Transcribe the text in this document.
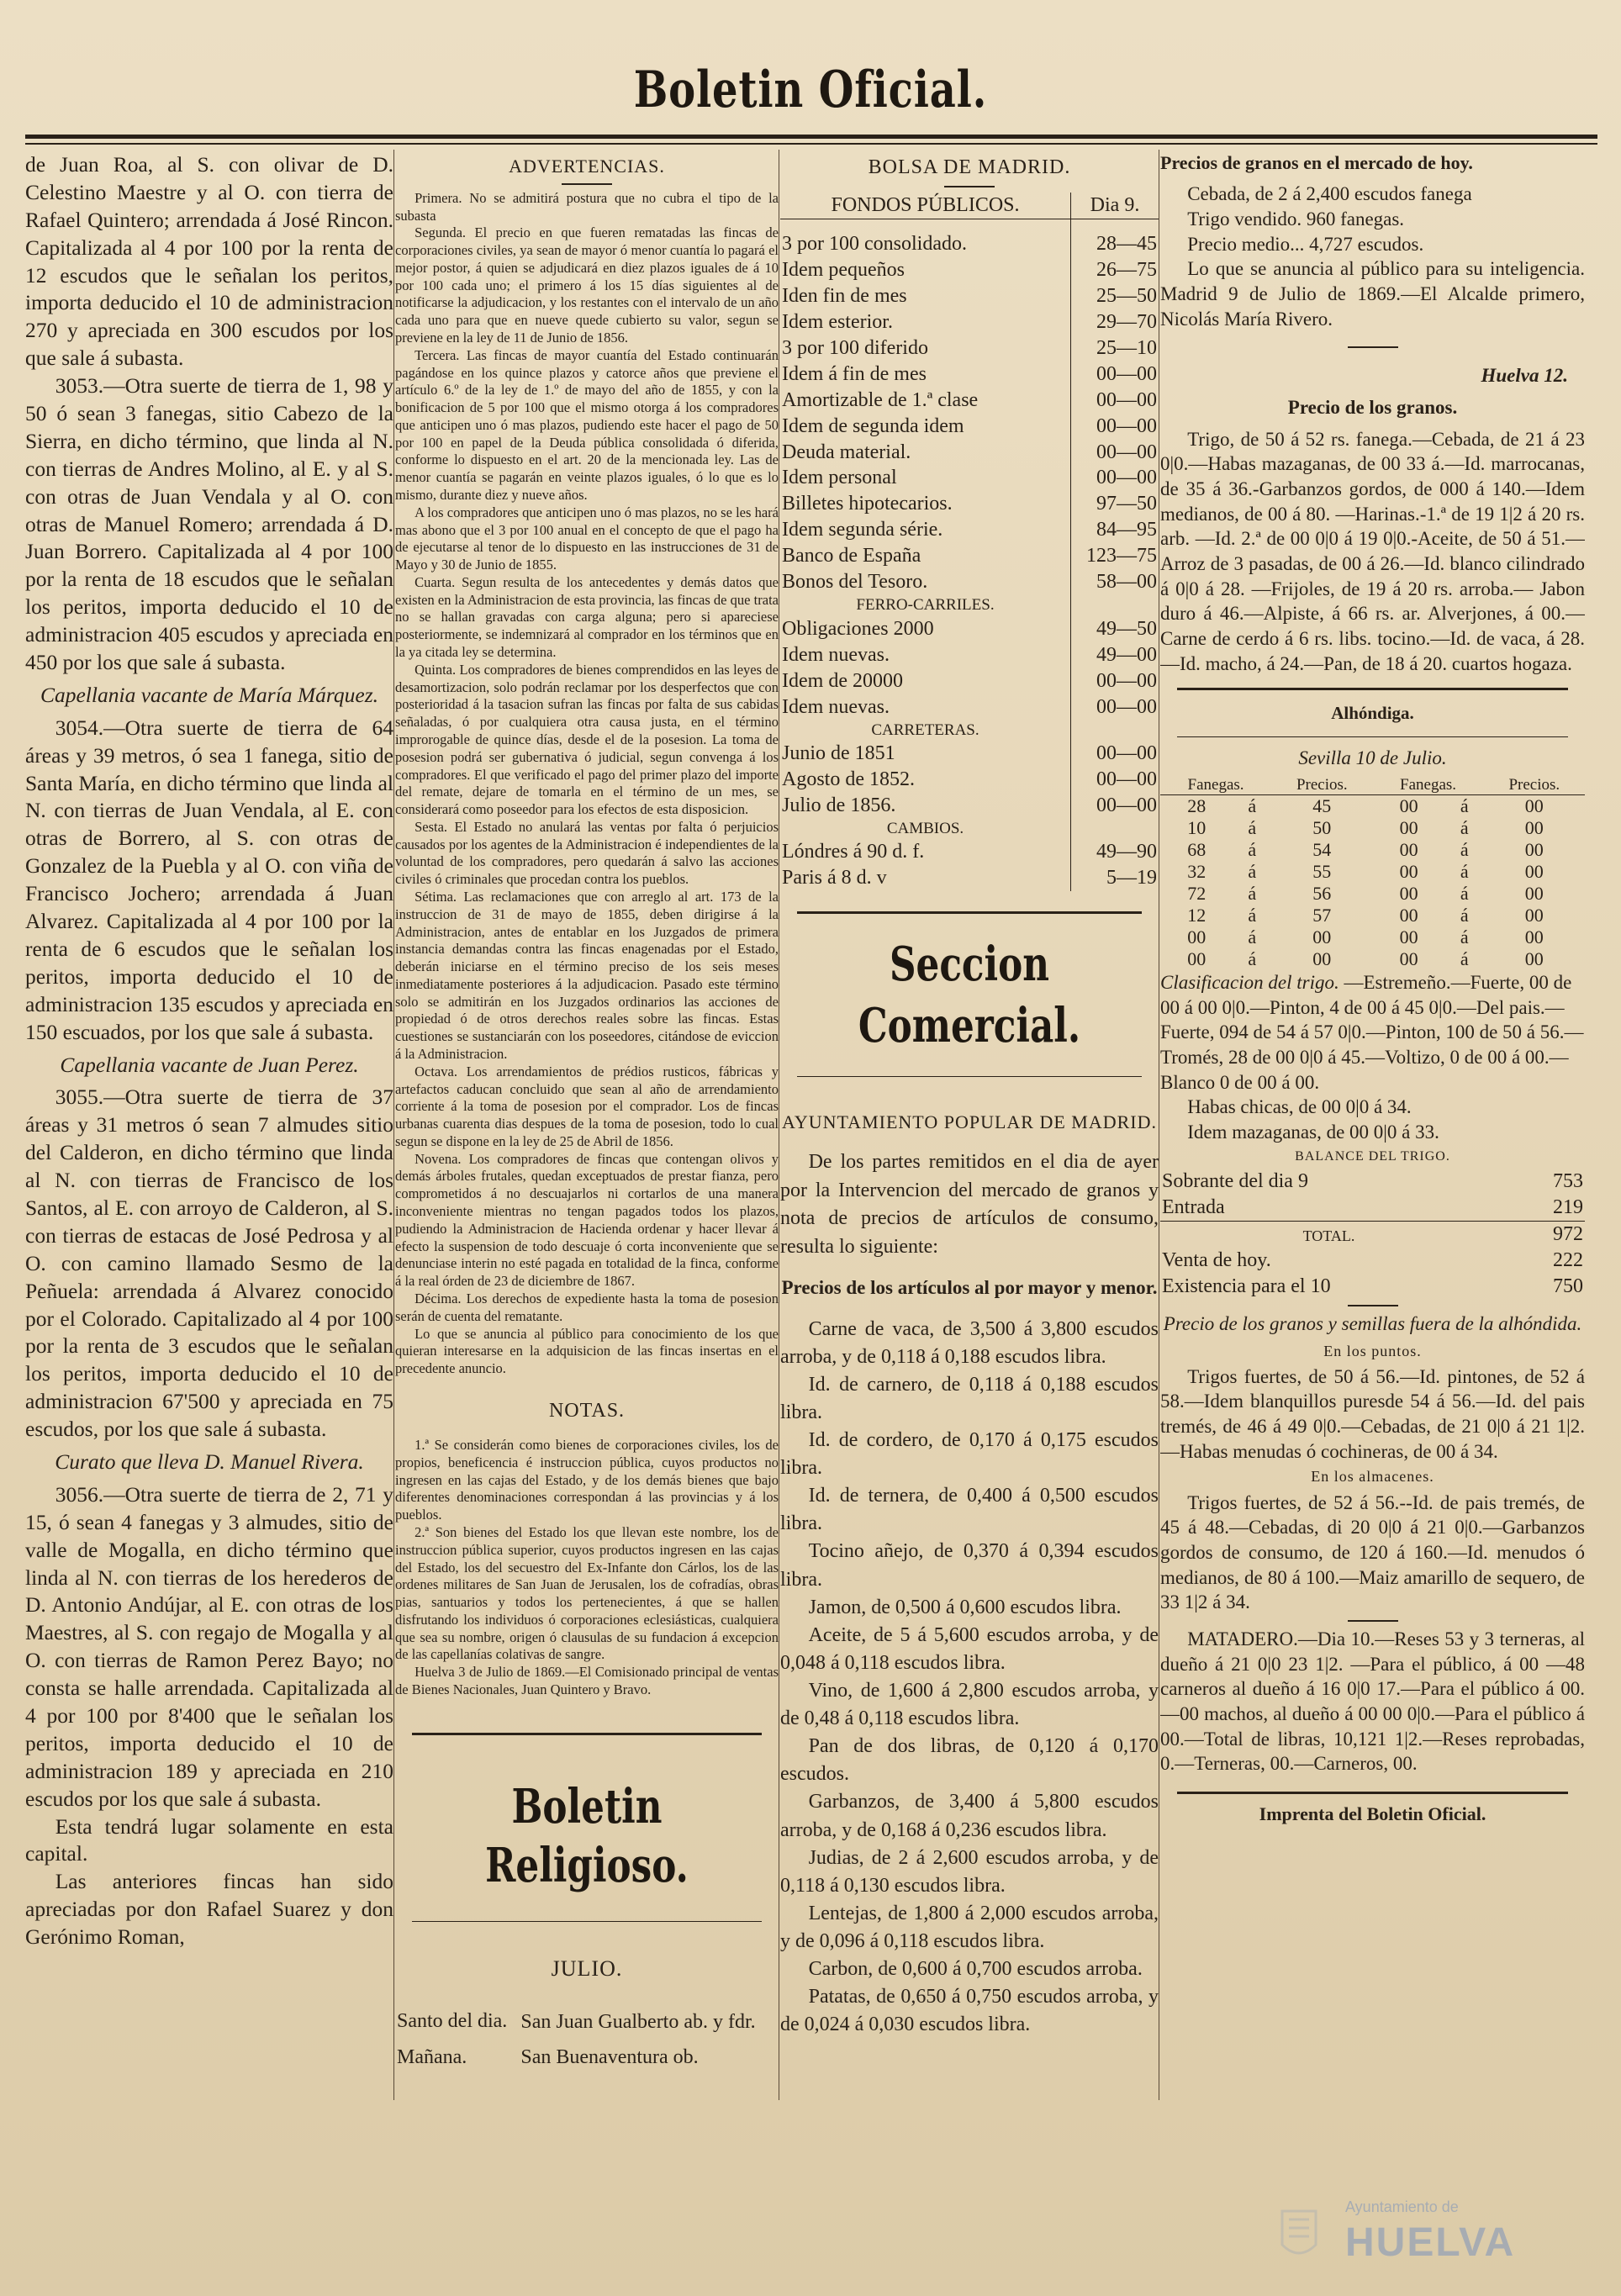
Boletin Oficial.

de Juan Roa, al S. con olivar de D. Celestino Maestre y al O. con tierra de Rafael Quintero; arrendada á José Rincon. Capitalizada al 4 por 100 por la renta de 12 escudos que le señalan los peritos, importa deducido el 10 de administracion 270 y apreciada en 300 escudos por los que sale á subasta.

3053.—Otra suerte de tierra de 1, 98 y 50 ó sean 3 fanegas, sitio Cabezo de la Sierra, en dicho término, que linda al N. con tierras de Andres Molino, al E. y al S. con otras de Juan Vendala y al O. con otras de Manuel Romero; arrendada á D. Juan Borrero. Capitalizada al 4 por 100 por la renta de 18 escudos que le señalan los peritos, importa deducido el 10 de administracion 405 escudos y apreciada en 450 por los que sale á subasta.

Capellania vacante de María Márquez.

3054.—Otra suerte de tierra de 64 áreas y 39 metros, ó sea 1 fanega, sitio de Santa María, en dicho término que linda al N. con tierras de Juan Vendala, al E. con otras de Borrero, al S. con otras de Gonzalez de la Puebla y al O. con viña de Francisco Jochero; arrendada á Juan Alvarez. Capitalizada al 4 por 100 por la renta de 6 escudos que le señalan los peritos, importa deducido el 10 de administracion 135 escudos y apreciada en 150 escuados, por los que sale á subasta.

Capellania vacante de Juan Perez.

3055.—Otra suerte de tierra de 37 áreas y 31 metros ó sean 7 almudes sitio del Calderon, en dicho término que linda al N. con tierras de Francisco de los Santos, al E. con arroyo de Calderon, al S. con tierras de estacas de José Pedrosa y al O. con camino llamado Sesmo de la Peñuela: arrendada á Alvarez conocido por el Colorado. Capitalizado al 4 por 100 por la renta de 3 escudos que le señalan los peritos, importa deducido el 10 de administracion 67'500 y apreciada en 75 escudos, por los que sale á subasta.

Curato que lleva D. Manuel Rivera.

3056.—Otra suerte de tierra de 2, 71 y 15, ó sean 4 fanegas y 3 almudes, sitio de valle de Mogalla, en dicho término que linda al N. con tierras de los herederos de D. Antonio Andújar, al E. con otras de los Maestres, al S. con regajo de Mogalla y al O. con tierras de Ramon Perez Bayo; no consta se halle arrendada. Capitalizada al 4 por 100 por 8'400 que le señalan los peritos, importa deducido el 10 de administracion 189 y apreciada en 210 escudos por los que sale á subasta.

Esta tendrá lugar solamente en esta capital.

Las anteriores fincas han sido apreciadas por don Rafael Suarez y don Gerónimo Roman,

ADVERTENCIAS.

Primera. No se admitirá postura que no cubra el tipo de la subasta

Segunda. El precio en que fueren rematadas las fincas de corporaciones civiles, ya sean de mayor ó menor cuantía lo pagará el mejor postor, á quien se adjudicará en diez plazos iguales de á 10 por 100 cada uno; el primero á los 15 días siguientes al de notificarse la adjudicacion, y los restantes con el intervalo de un año cada uno para que en nueve quede cubierto su valor, segun se previene en la ley de 11 de Junio de 1856.

Tercera. Las fincas de mayor cuantía del Estado continuarán pagándose en los quince plazos y catorce años que previene el artículo 6.º de la ley de 1.º de mayo del año de 1855, y con la bonificacion de 5 por 100 que el mismo otorga á los compradores que anticipen uno ó mas plazos, pudiendo este hacer el pago de 50 por 100 en papel de la Deuda pública consolidada ó diferida, conforme lo dispuesto en el art. 20 de la mencionada ley. Las de menor cuantía se pagarán en veinte plazos iguales, ó lo que es lo mismo, durante diez y nueve años.

A los compradores que anticipen uno ó mas plazos, no se les hará mas abono que el 3 por 100 anual en el concepto de que el pago ha de ejecutarse al tenor de lo dispuesto en las instrucciones de 31 de Mayo y 30 de Junio de 1855.

Cuarta. Segun resulta de los antecedentes y demás datos que existen en la Administracion de esta provincia, las fincas de que trata no se hallan gravadas con carga alguna; pero si apareciese posteriormente, se indemnizará al comprador en los términos que en la ya citada ley se determina.

Quinta. Los compradores de bienes comprendidos en las leyes de desamortizacion, solo podrán reclamar por los desperfectos que con posterioridad á la tasacion sufran las fincas por falta de sus cabidas señaladas, ó por cualquiera otra causa justa, en el término improrogable de quince días, desde el de la posesion. La toma de posesion podrá ser gubernativa ó judicial, segun convenga á los compradores. El que verificado el pago del primer plazo del importe del remate, dejare de tomarla en el término de un mes, se considerará como poseedor para los efectos de esta disposicion.

Sesta. El Estado no anulará las ventas por falta ó perjuicios causados por los agentes de la Administracion é independientes de la voluntad de los compradores, pero quedarán á salvo las acciones civiles ó criminales que procedan contra los pueblos.

Sétima. Las reclamaciones que con arreglo al art. 173 de la instruccion de 31 de mayo de 1855, deben dirigirse á la Administracion, antes de entablar en los Juzgados de primera instancia demandas contra las fincas enagenadas por el Estado, deberán iniciarse en el término preciso de los seis meses inmediatamente posteriores á la adjudicacion. Pasado este término solo se admitirán en los Juzgados ordinarios las acciones de propiedad ó de otros derechos reales sobre las fincas. Estas cuestiones se sustanciarán con los poseedores, citándose de eviccion á la Administracion.

Octava. Los arrendamientos de prédios rusticos, fábricas y artefactos caducan concluido que sean al año de arrendamiento corriente á la toma de posesion por el comprador. Los de fincas urbanas cuarenta dias despues de la toma de posesion, todo lo cual segun se dispone en la ley de 25 de Abril de 1856.

Novena. Los compradores de fincas que contengan olivos y demás árboles frutales, quedan exceptuados de prestar fianza, pero comprometidos á no descuajarlos ni cortarlos de una manera inconveniente mientras no tengan pagados todos los plazos, pudiendo la Administracion de Hacienda ordenar y hacer llevar á efecto la suspension de todo descuaje ó corta inconveniente que se denunciase interin no esté pagada en totalidad de la finca, conforme á la real órden de 23 de diciembre de 1867.

Décima. Los derechos de expediente hasta la toma de posesion serán de cuenta del rematante.

Lo que se anuncia al público para conocimiento de los que quieran interesarse en la adquisicion de las fincas insertas en el precedente anuncio.

NOTAS.

1.ª Se considerán como bienes de corporaciones civiles, los de propios, beneficencia é instruccion pública, cuyos productos no ingresen en las cajas del Estado, y de los demás bienes que bajo diferentes denominaciones correspondan á las provincias y á los pueblos.

2.ª Son bienes del Estado los que llevan este nombre, los de instruccion pública superior, cuyos productos ingresen en las cajas del Estado, los del secuestro del Ex-Infante don Cárlos, los de las ordenes militares de San Juan de Jerusalen, los de cofradías, obras pias, santuarios y todos los pertenecientes, á que se hallen disfrutando los individuos ó corporaciones eclesiásticas, cualquiera que sea su nombre, origen ó clausulas de su fundacion á excepcion de las capellanías colativas de sangre.

Huelva 3 de Julio de 1869.—El Comisionado principal de ventas de Bienes Nacionales, Juan Quintero y Bravo.

Boletin Religioso.

JULIO.

Santo del dia.	San Juan Gualberto ab. y fdr.
Mañana.	San Buenaventura ob.

BOLSA DE MADRID.

FONDOS PÚBLICOS.	Dia 9.

3 por 100 consolidado.	28—45
Idem pequeños	26—75
Iden fin de mes	25—50
Idem esterior.	29—70
3 por 100 diferido	25—10
Idem á fin de mes	00—00
Amortizable de 1.ª clase	00—00
Idem de segunda idem	00—00
Deuda material.	00—00
Idem personal	00—00
Billetes hipotecarios.	97—50
Idem segunda série.	84—95
Banco de España	123—75
Bonos del Tesoro.	58—00
FERRO-CARRILES.	
Obligaciones 2000	49—50
Idem nuevas.	49—00
Idem de 20000	00—00
Idem nuevas.	00—00
CARRETERAS.	
Junio de 1851	00—00
Agosto de 1852.	00—00
Julio de 1856.	00—00
CAMBIOS.	
Lóndres á 90 d. f.	49—90
Paris á 8 d. v	5—19
Seccion Comercial.

AYUNTAMIENTO POPULAR DE MADRID.

De los partes remitidos en el dia de ayer por la Intervencion del mercado de granos y nota de precios de artículos de consumo, resulta lo siguiente:

Precios de los artículos al por mayor y menor.

Carne de vaca, de 3,500 á 3,800 escudos arroba, y de 0,118 á 0,188 escudos libra.

Id. de carnero, de 0,118 á 0,188 escudos libra.

Id. de cordero, de 0,170 á 0,175 escudos libra.

Id. de ternera, de 0,400 á 0,500 escudos libra.

Tocino añejo, de 0,370 á 0,394 escudos libra.

Jamon, de 0,500 á 0,600 escudos libra.

Aceite, de 5 á 5,600 escudos arroba, y de 0,048 á 0,118 escudos libra.

Vino, de 1,600 á 2,800 escudos arroba, y de 0,48 á 0,118 escudos libra.

Pan de dos libras, de 0,120 á 0,170 escudos.

Garbanzos, de 3,400 á 5,800 escudos arroba, y de 0,168 á 0,236 escudos libra.

Judias, de 2 á 2,600 escudos arroba, y de 0,118 á 0,130 escudos libra.

Lentejas, de 1,800 á 2,000 escudos arroba, y de 0,096 á 0,118 escudos libra.

Carbon, de 0,600 á 0,700 escudos arroba.

Patatas, de 0,650 á 0,750 escudos arroba, y de 0,024 á 0,030 escudos libra.

Precios de granos en el mercado de hoy.

Cebada, de 2 á 2,400 escudos fanega

Trigo vendido. 960 fanegas.

Precio medio... 4,727 escudos.

Lo que se anuncia al público para su inteligencia. Madrid 9 de Julio de 1869.—El Alcalde primero, Nicolás María Rivero.

Huelva 12.

Precio de los granos.

Trigo, de 50 á 52 rs. fanega.—Cebada, de 21 á 23 0|0.—Habas mazaganas, de 00 33 á.—Id. marrocanas, de 35 á 36.-Garbanzos gordos, de 000 á 140.—Idem medianos, de 00 á 80. —Harinas.-1.ª de 19 1|2 á 20 rs. arb. —Id. 2.ª de 00 0|0 á 19 0|0.-Aceite, de 50 á 51.—Arroz de 3 pasadas, de 00 á 26.—Id. blanco cilindrado á 0|0 á 28. —Frijoles, de 19 á 20 rs. arroba.— Jabon duro á 46.—Alpiste, á 66 rs. ar. Alverjones, á 00.—Carne de cerdo á 6 rs. libs. tocino.—Id. de vaca, á 28. —Id. macho, á 24.—Pan, de 18 á 20. cuartos hogaza.

Alhóndiga.

Sevilla 10 de Julio.

Fanegas.		Precios.	Fanegas.		Precios.
28	á	45	00	á	00
10	á	50	00	á	00
68	á	54	00	á	00
32	á	55	00	á	00
72	á	56	00	á	00
12	á	57	00	á	00
00	á	00	00	á	00
00	á	00	00	á	00

Clasificacion del trigo. —Estremeño.—Fuerte, 00 de 00 á 00 0|0.—Pinton, 4 de 00 á 45 0|0.—Del pais.— Fuerte, 094 de 54 á 57 0|0.—Pinton, 100 de 50 á 56.—Tromés, 28 de 00 0|0 á 45.—Voltizo, 0 de 00 á 00.—Blanco 0 de 00 á 00.

Habas chicas, de 00 0|0 á 34.

Idem mazaganas, de 00 0|0 á 33.

BALANCE DEL TRIGO.

Sobrante del dia 9	753
Entrada	219
TOTAL.	972
Venta de hoy.	222
Existencia para el 10	750

Precio de los granos y semillas fuera de la alhóndida.

En los puntos.

Trigos fuertes, de 50 á 56.—Id. pintones, de 52 á 58.—Idem blanquillos puresde 54 á 56.—Id. del pais tremés, de 46 á 49 0|0.—Cebadas, de 21 0|0 á 21 1|2.—Habas menudas ó cochineras, de 00 á 34.

En los almacenes.

Trigos fuertes, de 52 á 56.--Id. de pais tremés, de 45 á 48.—Cebadas, di 20 0|0 á 21 0|0.—Garbanzos gordos de consumo, de 120 á 160.—Id. menudos ó medianos, de 80 á 100.—Maiz amarillo de sequero, de 33 1|2 á 34.

MATADERO.—Dia 10.—Reses 53 y 3 terneras, al dueño á 21 0|0 23 1|2. —Para el público, á 00 —48 carneros al dueño á 16 0|0 17.—Para el público á 00.—00 machos, al dueño á 00 00 0|0.—Para el público á 00.—Total de libras, 10,121 1|2.—Reses reprobadas, 0.—Terneras, 00.—Carneros, 00.

Imprenta del Boletin Oficial.

Ayuntamiento de
HUELVA
